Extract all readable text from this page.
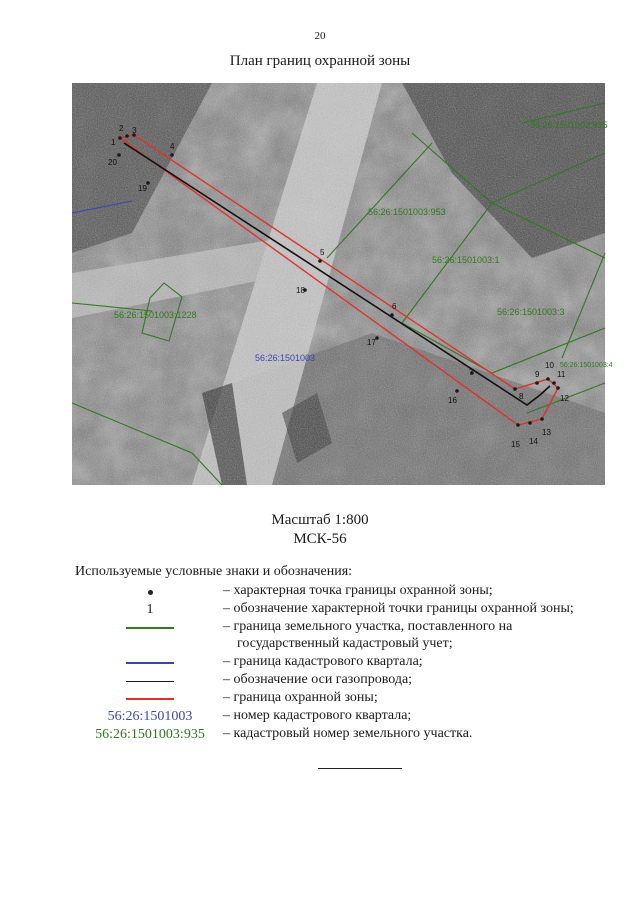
20
План границ охранной зоны
1
2 3
4
5
6
7
8
9
10
11
12
13
14
15
16
17
18
19
20
56:26:1501003:935
56:26:1501003:953
56:26:1501003:1
56:26:1501003:1228	56:26:1501003:3
56:26:1501003:4
56:26:1501003
Масштаб 1:800
МСК-56
Используемые условные знаки и обозначения:
– характерная точка границы охранной зоны;
1	– обозначение характерной точки границы охранной зоны;
– граница земельного участка, поставленного на
государственный кадастровый учет;
– граница кадастрового квартала;
– обозначение оси газопровода;
– граница охранной зоны;
56:26:1501003	– номер кадастрового квартала;
56:26:1501003:935	– кадастровый номер земельного участка.
